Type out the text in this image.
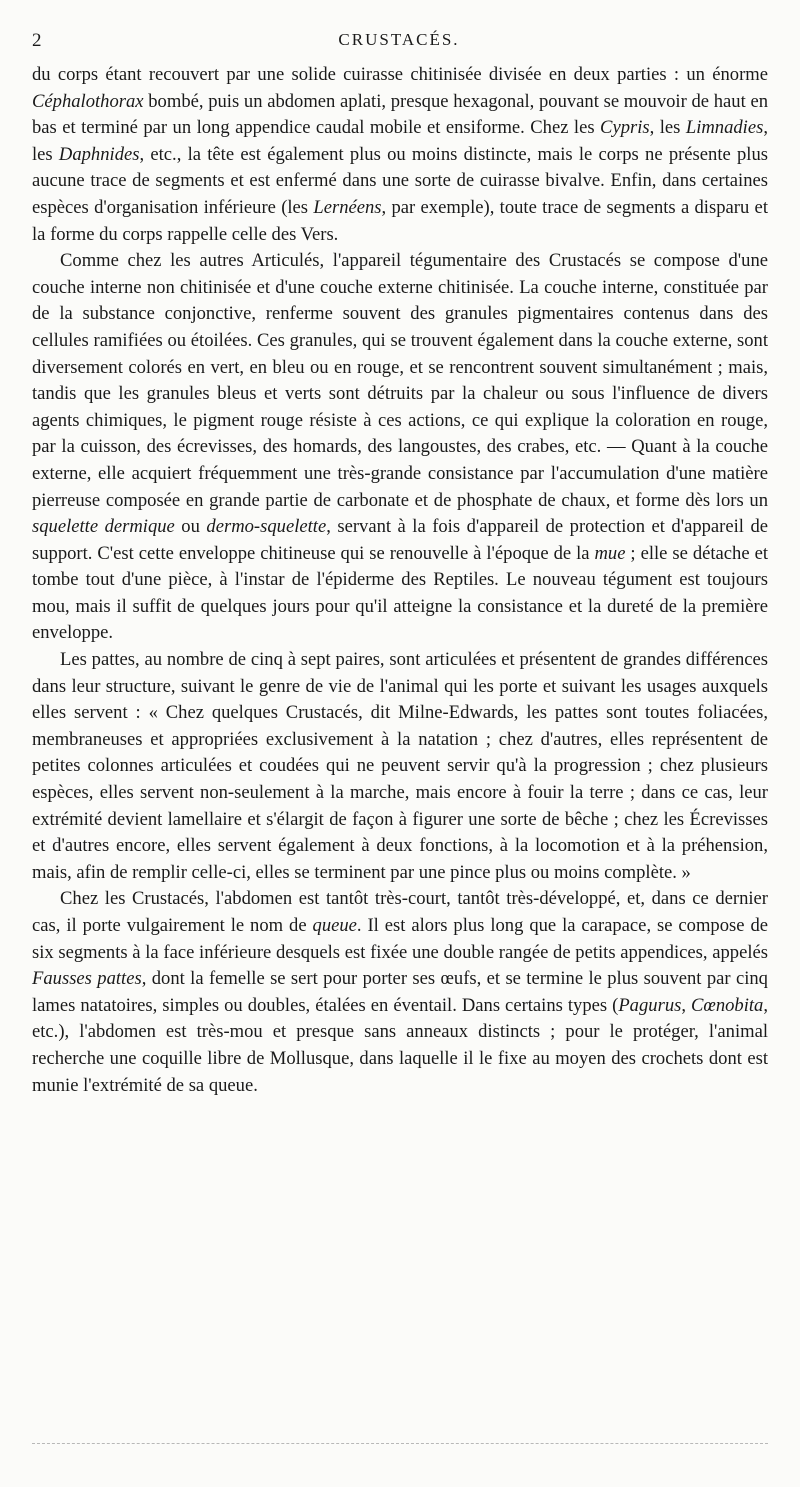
2	CRUSTACÉS.

du corps étant recouvert par une solide cuirasse chitinisée divisée en deux parties : un énorme Céphalothorax bombé, puis un abdomen aplati, presque hexagonal, pouvant se mouvoir de haut en bas et terminé par un long appendice caudal mobile et ensiforme. Chez les Cypris, les Limnadies, les Daphnides, etc., la tête est également plus ou moins distincte, mais le corps ne présente plus aucune trace de segments et est enfermé dans une sorte de cuirasse bivalve. Enfin, dans certaines espèces d'organisation inférieure (les Lernéens, par exemple), toute trace de segments a disparu et la forme du corps rappelle celle des Vers.

Comme chez les autres Articulés, l'appareil tégumentaire des Crustacés se compose d'une couche interne non chitinisée et d'une couche externe chitinisée. La couche interne, constituée par de la substance conjonctive, renferme souvent des granules pigmentaires contenus dans des cellules ramifiées ou étoilées. Ces granules, qui se trouvent également dans la couche externe, sont diversement colorés en vert, en bleu ou en rouge, et se rencontrent souvent simultanément ; mais, tandis que les granules bleus et verts sont détruits par la chaleur ou sous l'influence de divers agents chimiques, le pigment rouge résiste à ces actions, ce qui explique la coloration en rouge, par la cuisson, des écrevisses, des homards, des langoustes, des crabes, etc. — Quant à la couche externe, elle acquiert fréquemment une très-grande consistance par l'accumulation d'une matière pierreuse composée en grande partie de carbonate et de phosphate de chaux, et forme dès lors un squelette dermique ou dermo-squelette, servant à la fois d'appareil de protection et d'appareil de support. C'est cette enveloppe chitineuse qui se renouvelle à l'époque de la mue ; elle se détache et tombe tout d'une pièce, à l'instar de l'épiderme des Reptiles. Le nouveau tégument est toujours mou, mais il suffit de quelques jours pour qu'il atteigne la consistance et la dureté de la première enveloppe.

Les pattes, au nombre de cinq à sept paires, sont articulées et présentent de grandes différences dans leur structure, suivant le genre de vie de l'animal qui les porte et suivant les usages auxquels elles servent : « Chez quelques Crustacés, dit Milne-Edwards, les pattes sont toutes foliacées, membraneuses et appropriées exclusivement à la natation ; chez d'autres, elles représentent de petites colonnes articulées et coudées qui ne peuvent servir qu'à la progression ; chez plusieurs espèces, elles servent non-seulement à la marche, mais encore à fouir la terre ; dans ce cas, leur extrémité devient lamellaire et s'élargit de façon à figurer une sorte de bêche ; chez les Écrevisses et d'autres encore, elles servent également à deux fonctions, à la locomotion et à la préhension, mais, afin de remplir celle-ci, elles se terminent par une pince plus ou moins complète. »

Chez les Crustacés, l'abdomen est tantôt très-court, tantôt très-développé, et, dans ce dernier cas, il porte vulgairement le nom de queue. Il est alors plus long que la carapace, se compose de six segments à la face inférieure desquels est fixée une double rangée de petits appendices, appelés Fausses pattes, dont la femelle se sert pour porter ses œufs, et se termine le plus souvent par cinq lames natatoires, simples ou doubles, étalées en éventail. Dans certains types (Pagurus, Cœnobita, etc.), l'abdomen est très-mou et presque sans anneaux distincts ; pour le protéger, l'animal recherche une coquille libre de Mollusque, dans laquelle il le fixe au moyen des crochets dont est munie l'extrémité de sa queue.
